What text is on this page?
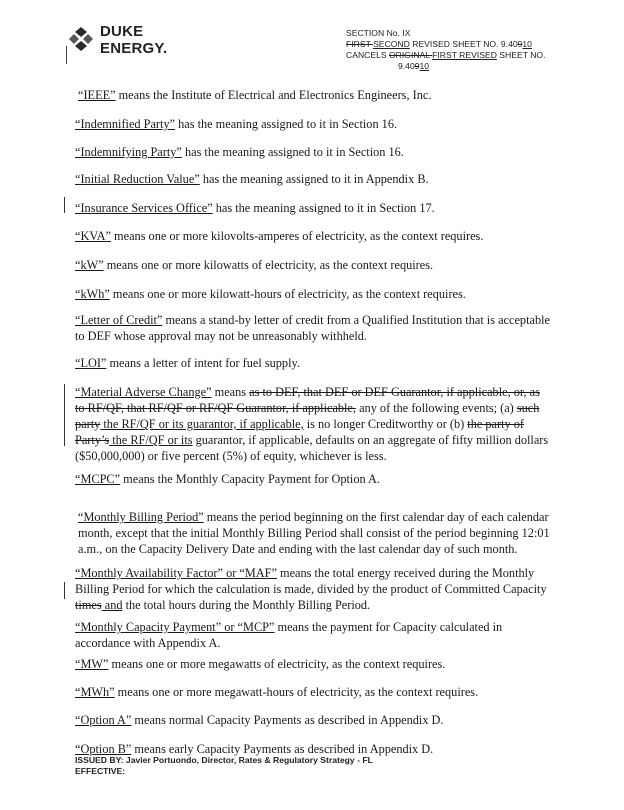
DUKE
ENERGY.
SECTION No. IX
FIRST SECOND REVISED SHEET NO. 9.40910
CANCELS ORIGINAL FIRST REVISED SHEET NO.
9.40910
“IEEE” means the Institute of Electrical and Electronics Engineers, Inc.
“Indemnified Party” has the meaning assigned to it in Section 16.
“Indemnifying Party” has the meaning assigned to it in Section 16.
“Initial Reduction Value” has the meaning assigned to it in Appendix B.
“Insurance Services Office” has the meaning assigned to it in Section 17.
“KVA” means one or more kilovolts-amperes of electricity, as the context requires.
“kW” means one or more kilowatts of electricity, as the context requires.
“kWh” means one or more kilowatt-hours of electricity, as the context requires.
“Letter of Credit” means a stand-by letter of credit from a Qualified Institution that is acceptable to DEF whose approval may not be unreasonably withheld.
“LOI” means a letter of intent for fuel supply.
“Material Adverse Change” means as to DEF, that DEF or DEF Guarantor, if applicable, or, as to RF/QF, that RF/QF or RF/QF Guarantor, if applicable, any of the following events; (a) such party the RF/QF or its guarantor, if applicable, is no longer Creditworthy or (b) the party of Party’s the RF/QF or its guarantor, if applicable, defaults on an aggregate of fifty million dollars ($50,000,000) or five percent (5%) of equity, whichever is less.
“MCPC” means the Monthly Capacity Payment for Option A.
“Monthly Billing Period” means the period beginning on the first calendar day of each calendar month, except that the initial Monthly Billing Period shall consist of the period beginning 12:01 a.m., on the Capacity Delivery Date and ending with the last calendar day of such month.
“Monthly Availability Factor” or “MAF” means the total energy received during the Monthly Billing Period for which the calculation is made, divided by the product of Committed Capacity times and the total hours during the Monthly Billing Period.
“Monthly Capacity Payment” or “MCP” means the payment for Capacity calculated in accordance with Appendix A.
“MW” means one or more megawatts of electricity, as the context requires.
“MWh” means one or more megawatt-hours of electricity, as the context requires.
“Option A” means normal Capacity Payments as described in Appendix D.
“Option B” means early Capacity Payments as described in Appendix D.
ISSUED BY: Javier Portuondo, Director, Rates & Regulatory Strategy - FL
EFFECTIVE:
